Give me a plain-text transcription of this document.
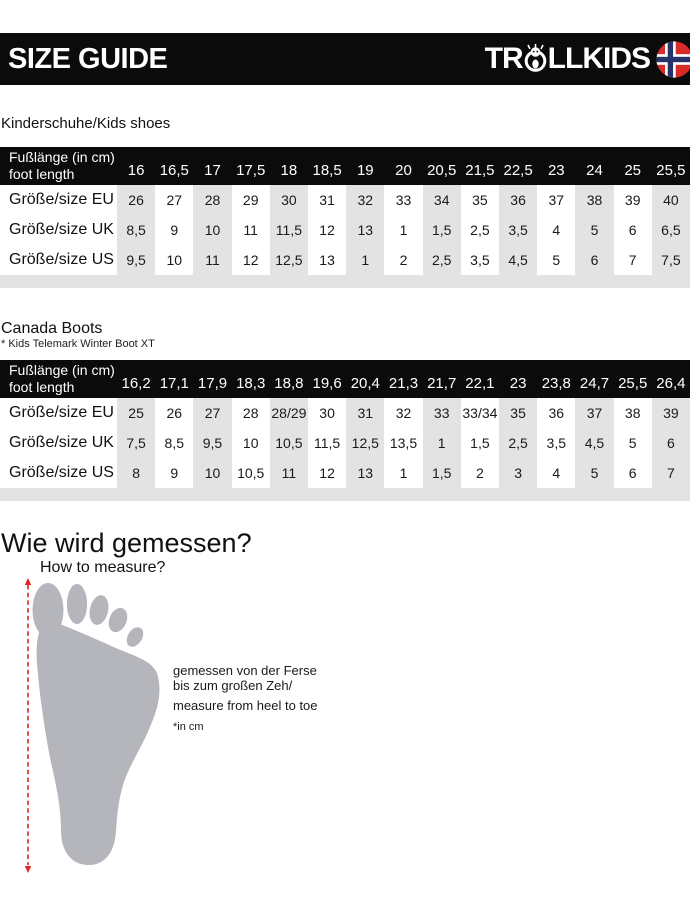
SIZE GUIDE	TR LLKIDS
Kinderschuhe/Kids shoes
Fußlänge (in cm)
foot length	16	16,5	17	17,5	18	18,5	19	20	20,5 21,5 22,5	23	24	25	25,5
Größe/size EU	26	27	28	29	30	31	32	33	34	35	36	37	38	39	40
Größe/size UK 8,5	9	10	11	11,5	12	13	1	1,5	2,5	3,5	4	5	6	6,5
Größe/size US 9,5	10	11	12	12,5	13	1	2	2,5	3,5	4,5	5	6	7	7,5
Canada Boots
* Kids Telemark Winter Boot XT
Fußlänge (in cm)
foot length	16,2 17,1 17,9 18,3 18,8 19,6 20,4 21,3 21,7 22,1	23	23,8 24,7 25,5 26,4
Größe/size EU	25	26	27	28 28/29 30	31	32	33 33/34 35	36	37	38	39
Größe/size UK 7,5	8,5	9,5	10	10,5 11,5 12,5 13,5	1	1,5	2,5	3,5	4,5	5	6
Größe/size US	8	9	10	10,5	11	12	13	1	1,5	2	3	4	5	6	7
Wie wird gemessen?
How to measure?

gemessen von der Ferse

bis zum großen Zeh/

measure from heel to toe

*in cm
